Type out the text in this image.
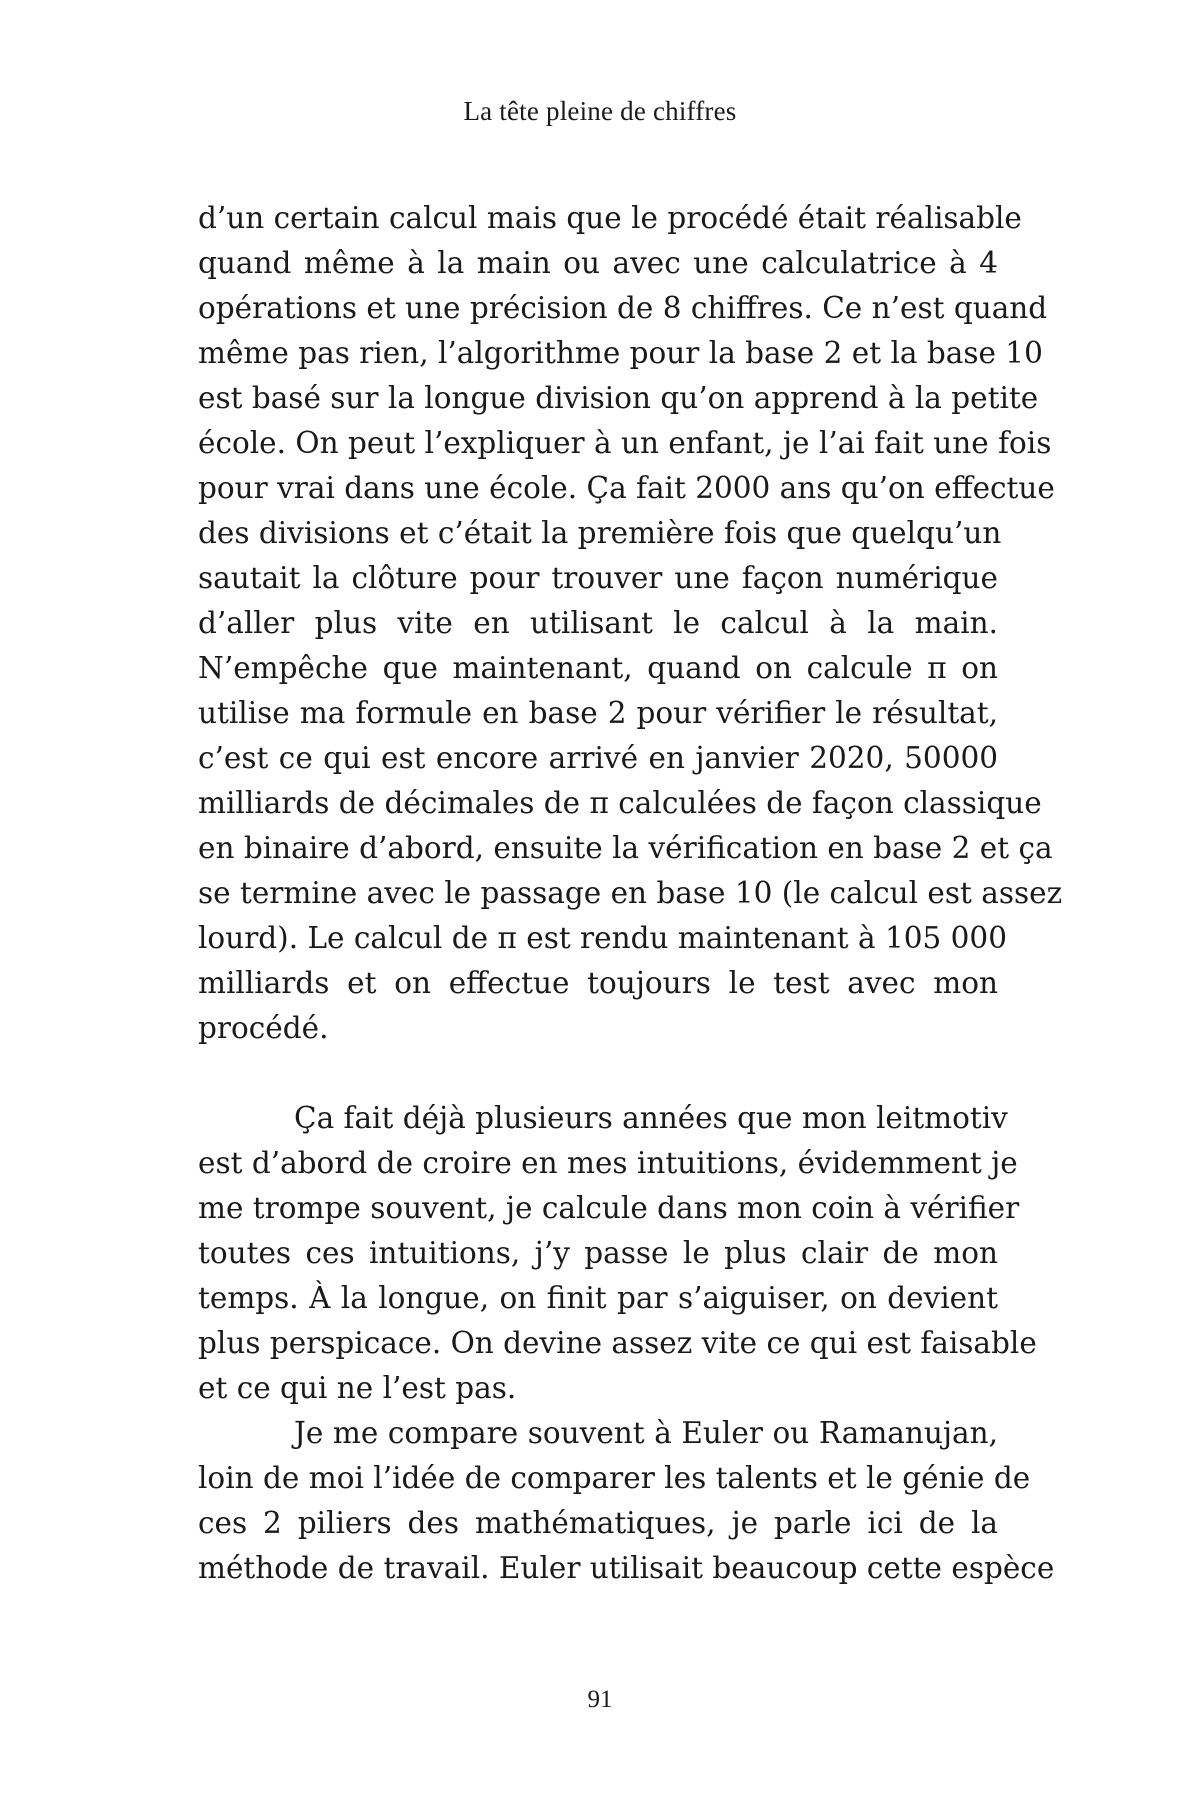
La tête pleine de chiffres

d’un certain calcul mais que le procédé était réalisable
quand même à la main ou avec une calculatrice à 4
opérations et une précision de 8 chiffres. Ce n’est quand
même pas rien, l’algorithme pour la base 2 et la base 10
est basé sur la longue division qu’on apprend à la petite
école. On peut l’expliquer à un enfant, je l’ai fait une fois
pour vrai dans une école. Ça fait 2000 ans qu’on effectue
des divisions et c’était la première fois que quelqu’un
sautait la clôture pour trouver une façon numérique
d’aller plus vite en utilisant le calcul à la main.
N’empêche que maintenant, quand on calcule π on
utilise ma formule en base 2 pour vérifier le résultat,
c’est ce qui est encore arrivé en janvier 2020, 50000
milliards de décimales de π calculées de façon classique
en binaire d’abord, ensuite la vérification en base 2 et ça
se termine avec le passage en base 10 (le calcul est assez
lourd). Le calcul de π est rendu maintenant à 105 000
milliards et on effectue toujours le test avec mon
procédé.

Ça fait déjà plusieurs années que mon leitmotiv
est d’abord de croire en mes intuitions, évidemment je
me trompe souvent, je calcule dans mon coin à vérifier
toutes ces intuitions, j’y passe le plus clair de mon
temps. À la longue, on finit par s’aiguiser, on devient
plus perspicace. On devine assez vite ce qui est faisable
et ce qui ne l’est pas.

Je me compare souvent à Euler ou Ramanujan,
loin de moi l’idée de comparer les talents et le génie de
ces 2 piliers des mathématiques, je parle ici de la
méthode de travail. Euler utilisait beaucoup cette espèce

91
